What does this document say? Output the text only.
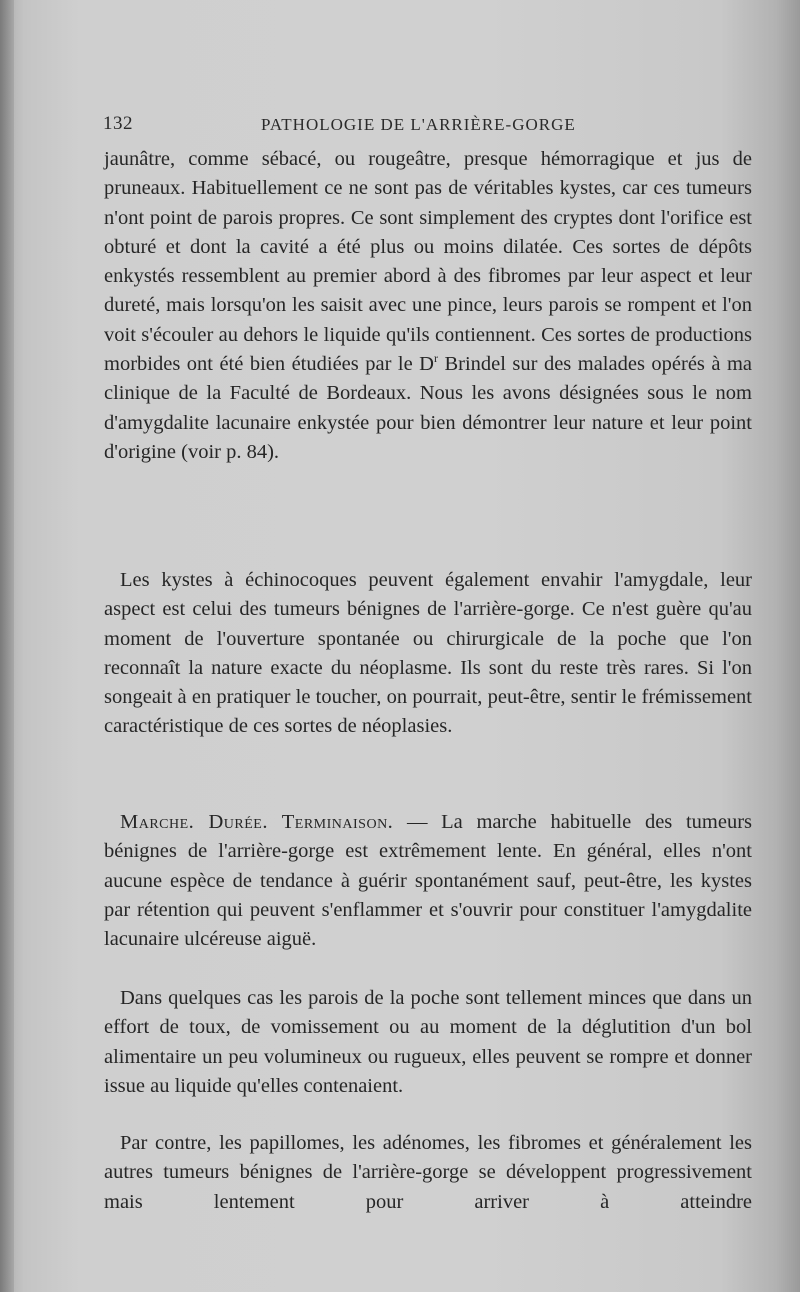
132	PATHOLOGIE DE L'ARRIÈRE-GORGE

jaunâtre, comme sébacé, ou rougeâtre, presque hémorragique et jus de pruneaux. Habituellement ce ne sont pas de véritables kystes, car ces tumeurs n'ont point de parois propres. Ce sont simplement des cryptes dont l'orifice est obturé et dont la cavité a été plus ou moins dilatée. Ces sortes de dépôts enkystés ressemblent au premier abord à des fibromes par leur aspect et leur dureté, mais lorsqu'on les saisit avec une pince, leurs parois se rompent et l'on voit s'écouler au dehors le liquide qu'ils contiennent. Ces sortes de productions morbides ont été bien étudiées par le $D^r$ Brindel sur des malades opérés à ma clinique de la Faculté de Bordeaux. Nous les avons désignées sous le nom d'amygdalite lacunaire enkystée pour bien démontrer leur nature et leur point d'origine (voir p. 84).

Les kystes à échinocoques peuvent également envahir l'amygdale, leur aspect est celui des tumeurs bénignes de l'arrière-gorge. Ce n'est guère qu'au moment de l'ouverture spontanée ou chirurgicale de la poche que l'on reconnaît la nature exacte du néoplasme. Ils sont du reste très rares. Si l'on songeait à en pratiquer le toucher, on pourrait, peut-être, sentir le frémissement caractéristique de ces sortes de néoplasies.

Marche. Durée. Terminaison. — La marche habituelle des tumeurs bénignes de l'arrière-gorge est extrêmement lente. En général, elles n'ont aucune espèce de tendance à guérir spontanément sauf, peut-être, les kystes par rétention qui peuvent s'enflammer et s'ouvrir pour constituer l'amygdalite lacunaire ulcéreuse aiguë.

Dans quelques cas les parois de la poche sont tellement minces que dans un effort de toux, de vomissement ou au moment de la déglutition d'un bol alimentaire un peu volumineux ou rugueux, elles peuvent se rompre et donner issue au liquide qu'elles contenaient.

Par contre, les papillomes, les adénomes, les fibromes et généralement les autres tumeurs bénignes de l'arrière-gorge se développent progressivement mais lentement pour arriver à atteindre
